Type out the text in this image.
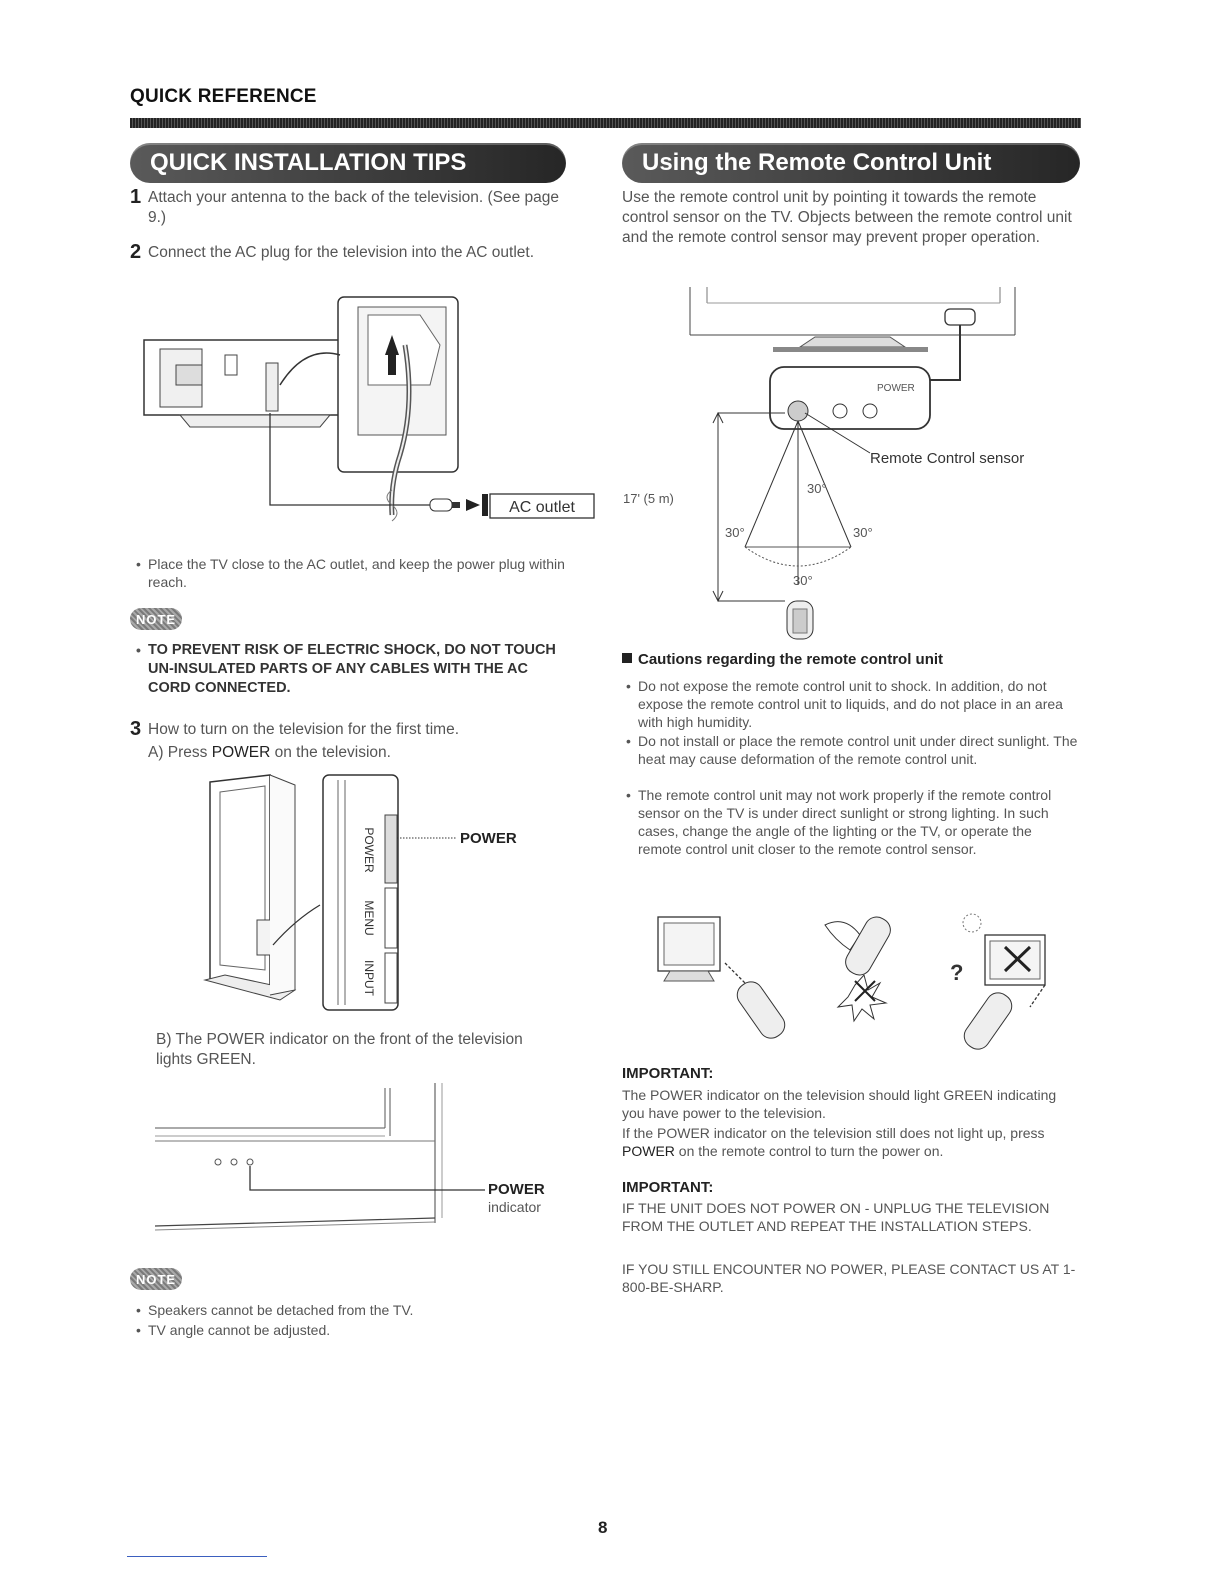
QUICK REFERENCE
QUICK INSTALLATION TIPS
1 Attach your antenna to the back of the television. (See page 9.)
2 Connect the AC plug for the television into the AC outlet.
AC outlet
• Place the TV close to the AC outlet, and keep the power plug within reach.
NOTE
• TO PREVENT RISK OF ELECTRIC SHOCK, DO NOT TOUCH UN-INSULATED PARTS OF ANY CABLES WITH THE AC CORD CONNECTED.
3 How to turn on the television for the first time.
A) Press POWER on the television.
POWER
MENU
INPUT
POWER
B) The POWER indicator on the front of the television lights GREEN.
POWER
indicator
NOTE
• Speakers cannot be detached from the TV.
• TV angle cannot be adjusted.
Using the Remote Control Unit
Use the remote control unit by pointing it towards the remote control sensor on the TV. Objects between the remote control unit and the remote control sensor may prevent proper operation.
POWER
Remote Control sensor
17' (5 m)
30°
30°	30°
30°
Cautions regarding the remote control unit
• Do not expose the remote control unit to shock. In addition, do not expose the remote control unit to liquids, and do not place in an area with high humidity.
• Do not install or place the remote control unit under direct sunlight. The heat may cause deformation of the remote control unit.
• The remote control unit may not work properly if the remote control sensor on the TV is under direct sunlight or strong lighting. In such cases, change the angle of the lighting or the TV, or operate the remote control unit closer to the remote control sensor.
?
IMPORTANT:
The POWER indicator on the television should light GREEN indicating you have power to the television.
If the POWER indicator on the television still does not light up, press POWER on the remote control to turn the power on.
IMPORTANT:
IF THE UNIT DOES NOT POWER ON - UNPLUG THE TELEVISION FROM THE OUTLET AND REPEAT THE INSTALLATION STEPS.
IF YOU STILL ENCOUNTER NO POWER, PLEASE CONTACT US AT 1-800-BE-SHARP.
8
